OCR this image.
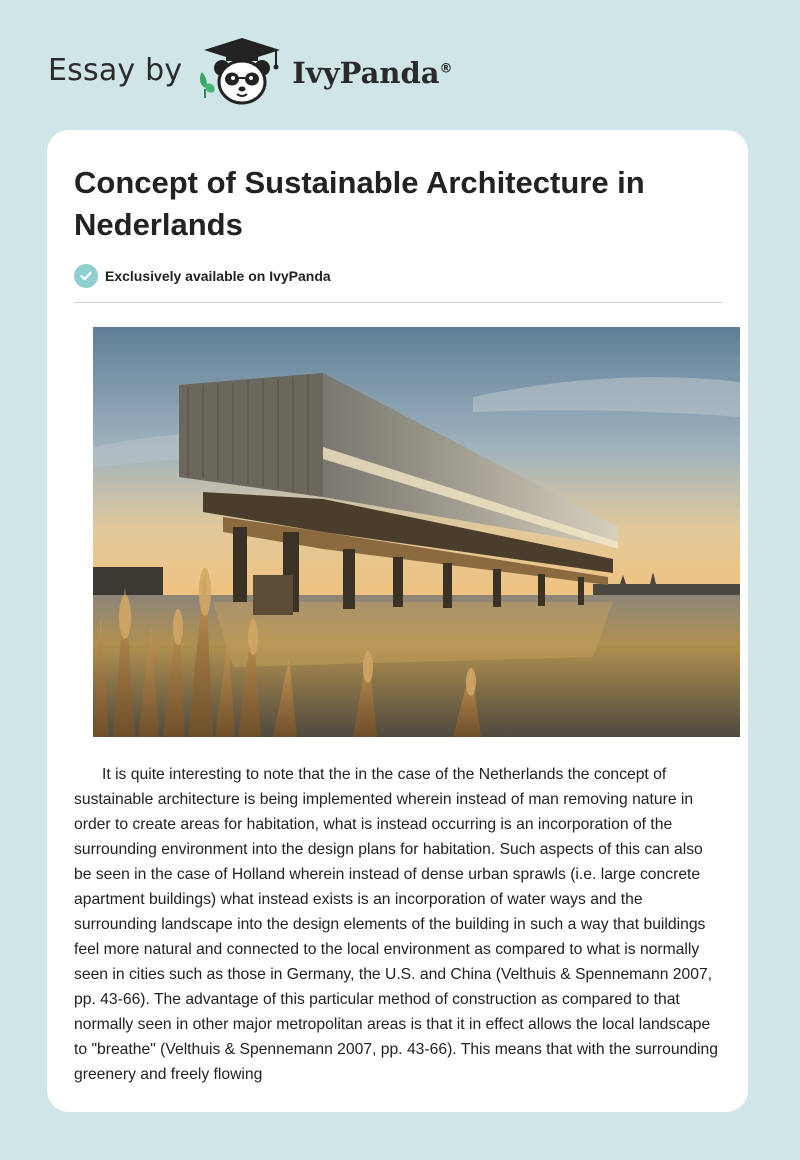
Essay by	IvyPanda®
Concept of Sustainable Architecture in Nederlands
Exclusively available on IvyPanda

It is quite interesting to note that the in the case of the Netherlands the concept of sustainable architecture is being implemented wherein instead of man removing nature in order to create areas for habitation, what is instead occurring is an incorporation of the surrounding environment into the design plans for habitation. Such aspects of this can also be seen in the case of Holland wherein instead of dense urban sprawls (i.e. large concrete apartment buildings) what instead exists is an incorporation of water ways and the surrounding landscape into the design elements of the building in such a way that buildings feel more natural and connected to the local environment as compared to what is normally seen in cities such as those in Germany, the U.S. and China (Velthuis & Spennemann 2007, pp. 43-66). The advantage of this particular method of construction as compared to that normally seen in other major metropolitan areas is that it in effect allows the local landscape to "breathe" (Velthuis & Spennemann 2007, pp. 43-66). This means that with the surrounding greenery and freely flowing
